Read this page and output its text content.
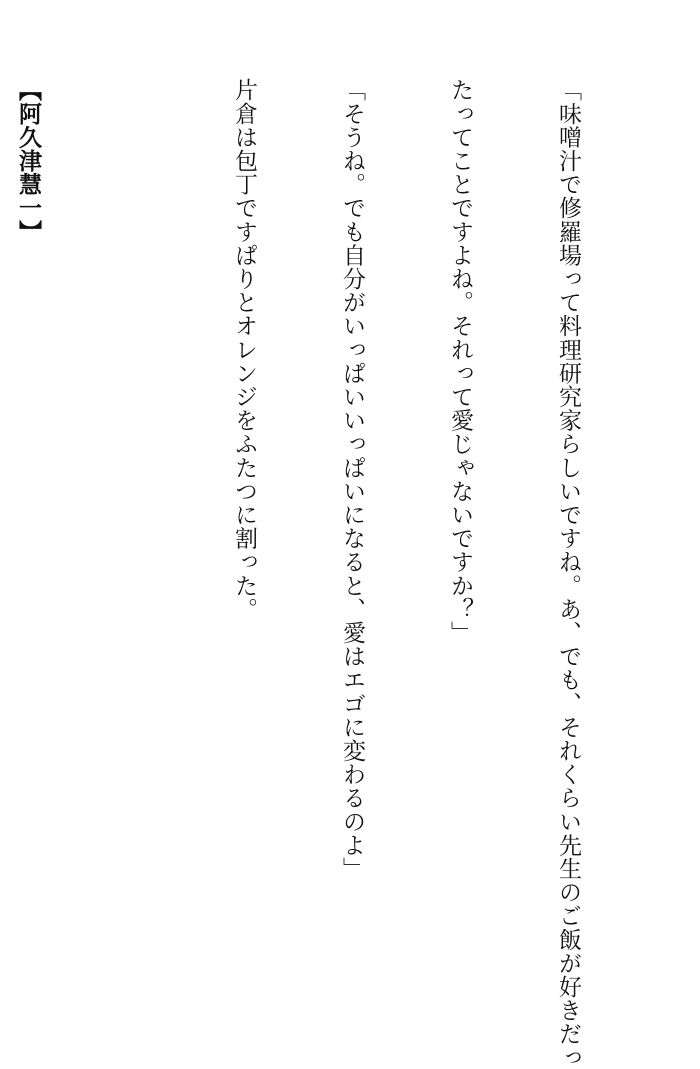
「味噌汁で修羅場って料理研究家らしいですね。あ、でも、それくらい先生のご飯が好きだっ

たってことですよね。それって愛じゃないですか？」

「そうね。でも自分がいっぱいいっぱいになると、愛はエゴに変わるのよ」

片倉は包丁ですぱりとオレンジをふたつに割った。

【阿久津慧一】
